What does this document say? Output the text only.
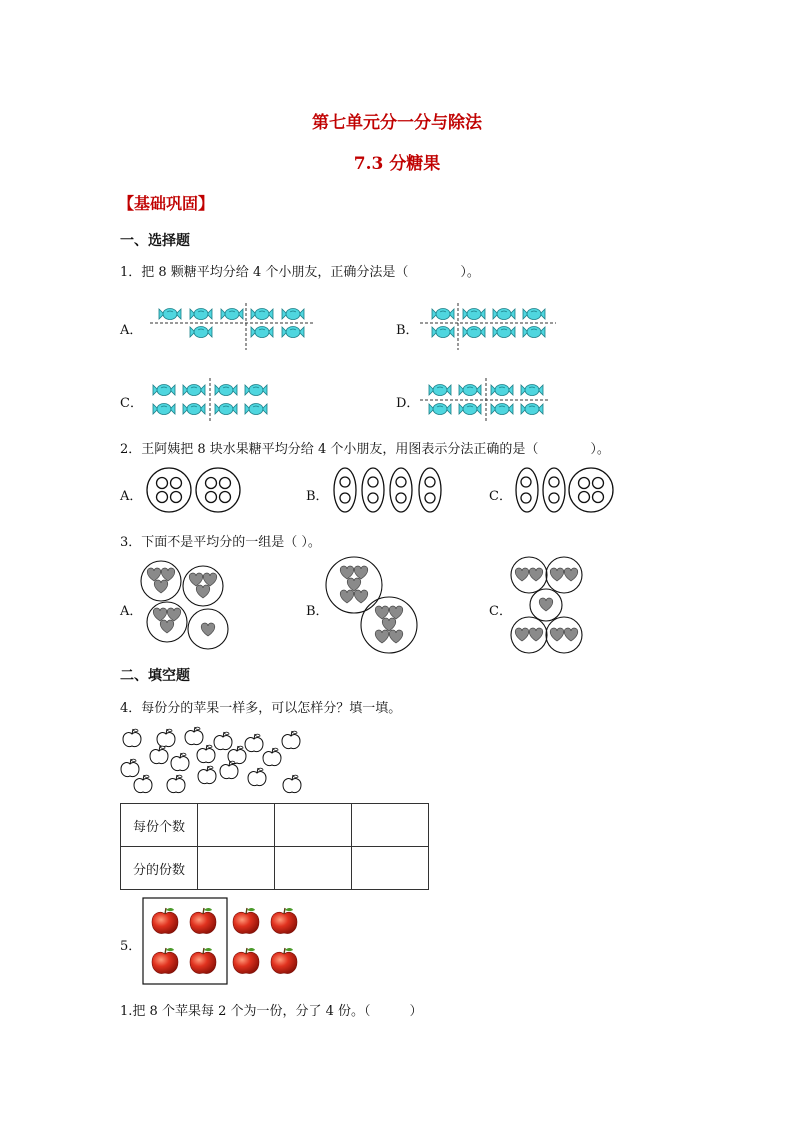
第七单元分一分与除法
7.3 分糖果
【基础巩固】
一、选择题
1．把 8 颗糖平均分给 4 个小朋友，正确分法是（　　　　）。
A．	B．
C．	D．
2．王阿姨把 8 块水果糖平均分给 4 个小朋友，用图表示分法正确的是（　　　　）。
A．	B．	C．
3．下面不是平均分的一组是（ ）。
A．	B．	C．
二、填空题
4．每份分的苹果一样多，可以怎样分？填一填。
每份个数			
分的份数			
5．
1.把 8 个苹果每 2 个为一份，分了 4 份。（　　　）
